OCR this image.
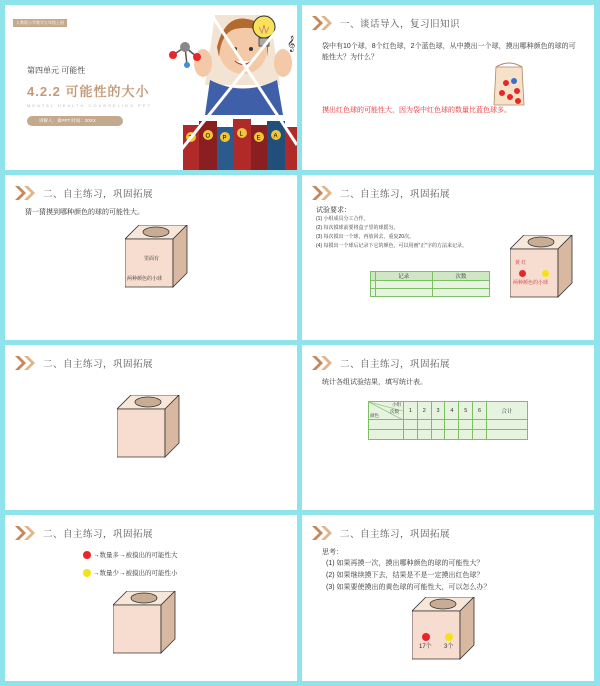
人教版小学数学五年级上册
第四单元 可能性
4.2.2 可能性的大小
MENTAL HEALTH COUNSELING PPT
讲解人：素PPT 时间：20XX
𝄞
O P
L
E A
一、谈话导入，复习旧知识
袋中有10个球，8个红色球，2个蓝色球，从中摸出一个球，摸出哪种颜色的球的可能性大？为什么？
摸出红色球的可能性大，因为袋中红色球的数量比蓝色球多。
二、自主练习，巩固拓展
猜一猜摸到哪种颜色的球的可能性大。
里面有
两种颜色的小球
二、自主练习，巩固拓展
试验要求：
(1) 小组成员分工合作。
(2) 每次摸球前要将盒子里的球摇匀。
(3) 每次摸出一个球，再放回去，重复20次。
(4) 每摸出一个球后记录下它的颜色，可以用画"正"字的方法来记录。
	记录	次数

黄 红
两种颜色的小球
二、自主练习，巩固拓展	二、自主练习，巩固拓展
统计各组试验结果，填写统计表。
小组
次数
颜色	1	2	3	4	5	6	合计

二、自主练习，巩固拓展
→数量多→被摸出的可能性大
→数量少→被摸出的可能性小
二、自主练习，巩固拓展
思考：
(1) 如果再摸一次，摸出哪种颜色的球的可能性大？
(2) 如果继续摸下去，结果是不是一定摸出红色球？
(3) 如果要使摸出的黄色球的可能性大，可以怎么办？
17个 3个
